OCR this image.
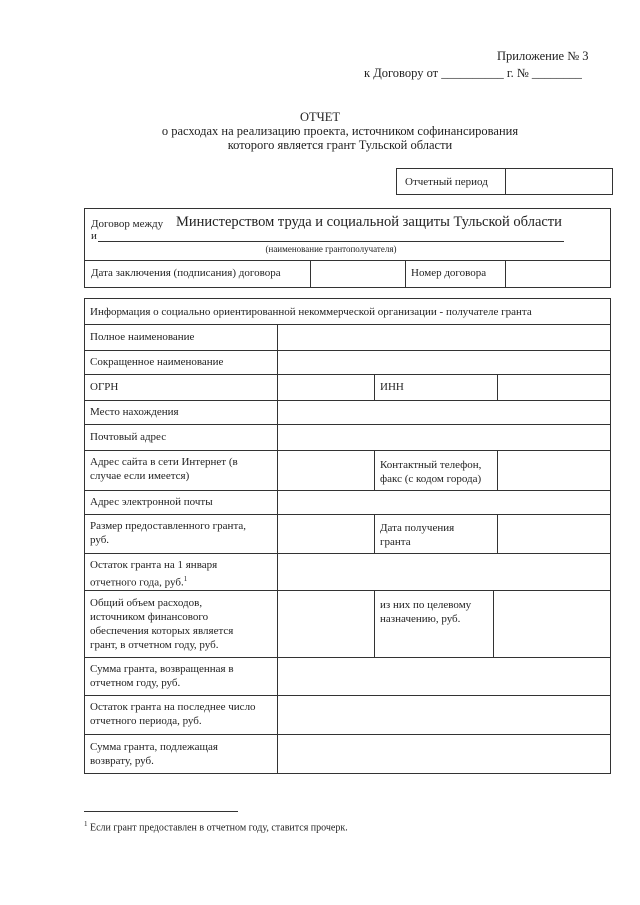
Приложение № 3
к Договору от __________ г. № ________
ОТЧЕТ
о расходах на реализацию проекта, источником софинансирования
которого является грант Тульской области
Отчетный период
Договор между Министерством труда и социальной защиты Тульской области
и
(наименование грантополучателя)
Дата заключения (подписания) договора	Номер договора
Информация о социально ориентированной некоммерческой организации - получателе гранта
Полное наименование
Сокращенное наименование
ОГРН	ИНН
Место нахождения
Почтовый адрес
Адрес сайта в сети Интернет (в
случае если имеется)
Контактный телефон,
факс (с кодом города)
Адрес электронной почты
Размер предоставленного гранта,
руб.
Дата получения
гранта
Остаток гранта на 1 января
отчетного года, руб.$^1$
Общий объем расходов,
источником финансового
обеспечения которых является
грант, в отчетном году, руб.
из них по целевому
назначению, руб.
Сумма гранта, возвращенная в
отчетном году, руб.
Остаток гранта на последнее число
отчетного периода, руб.
Сумма гранта, подлежащая
возврату, руб.
$^1$ Если грант предоставлен в отчетном году, ставится прочерк.
